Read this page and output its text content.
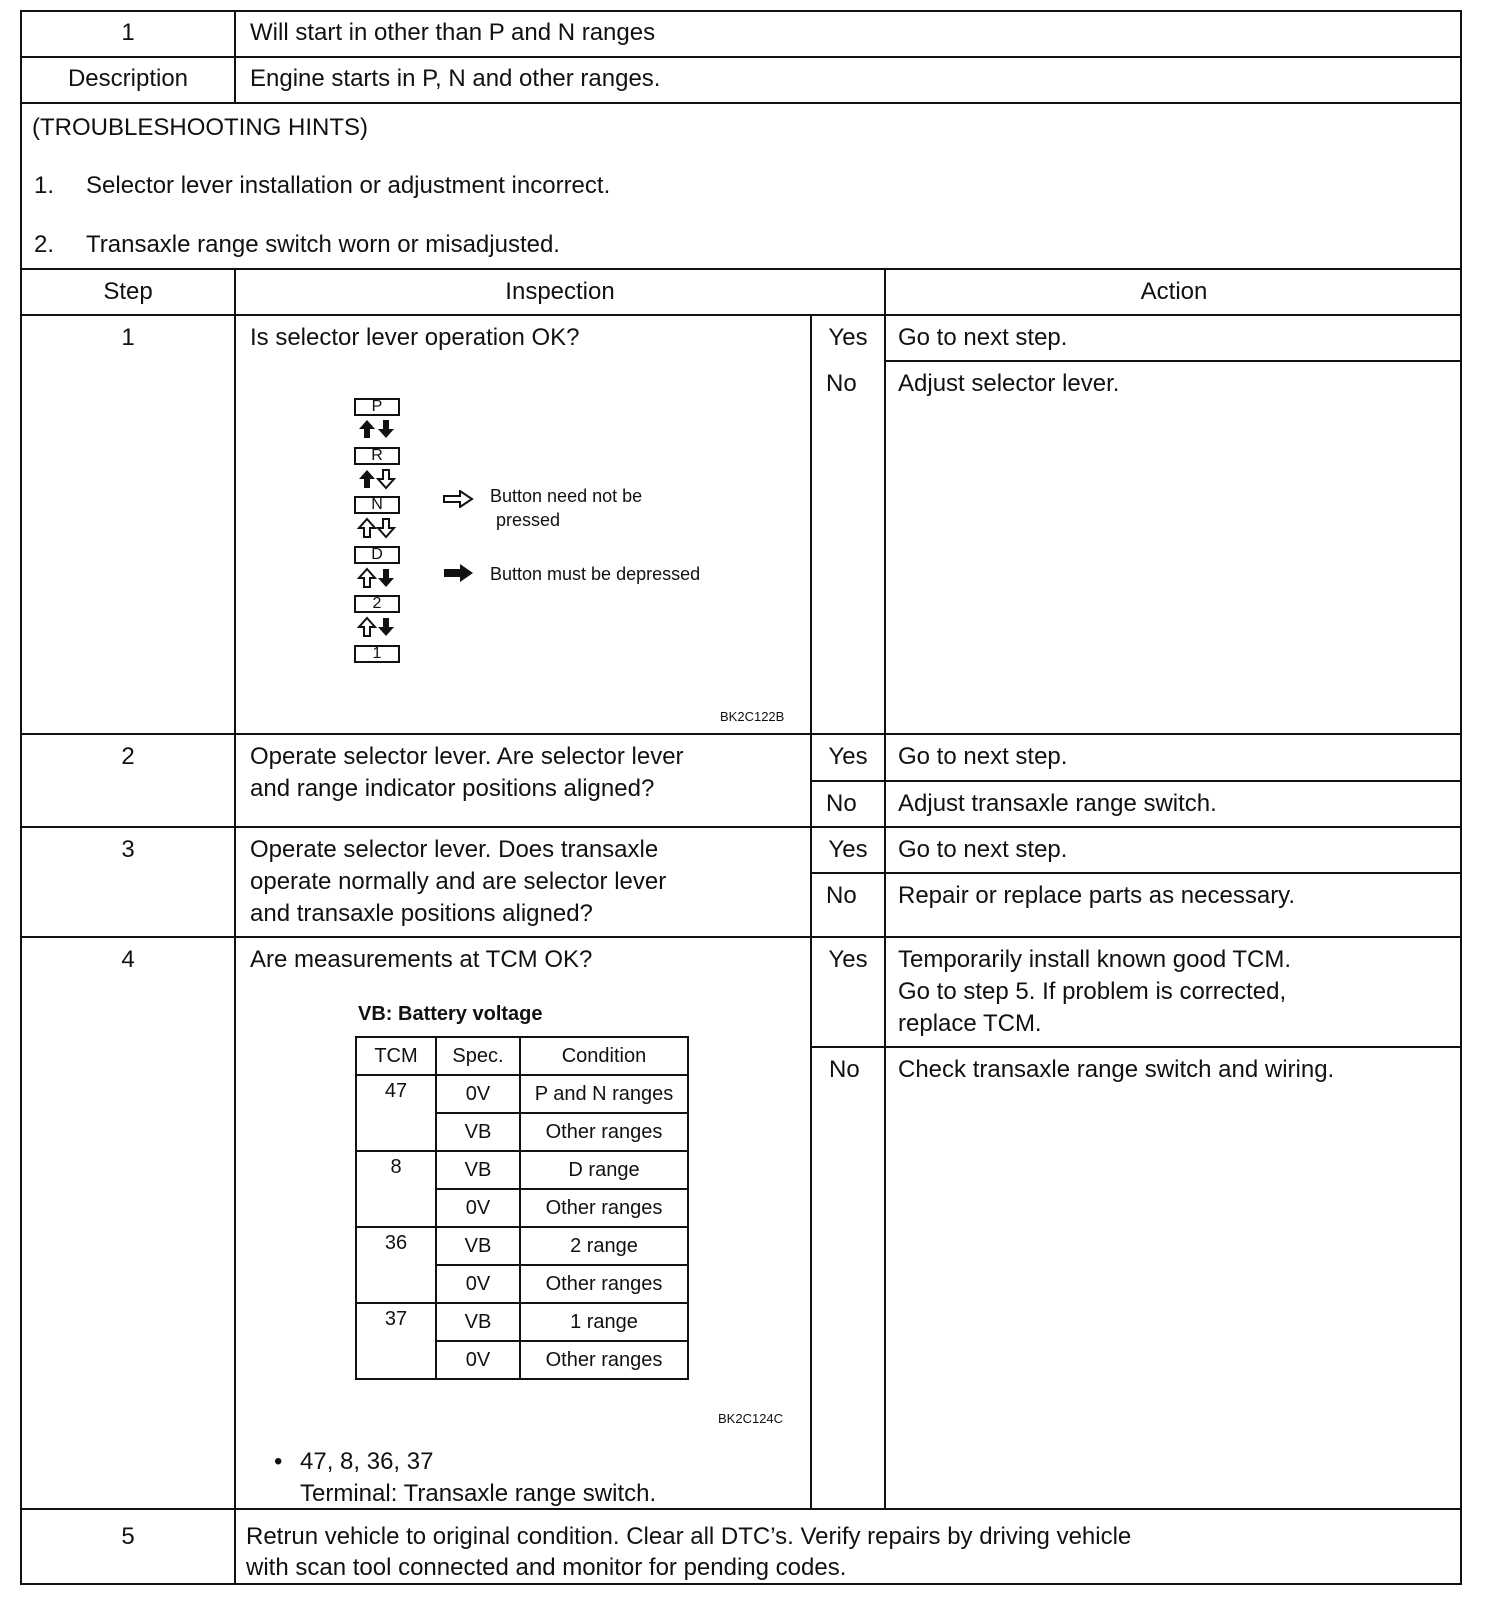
1	Will start in other than P and N ranges
Description	Engine starts in P, N and other ranges.
(TROUBLESHOOTING HINTS)
1. Selector lever installation or adjustment incorrect.
2. Transaxle range switch worn or misadjusted.
Step	Inspection	Action
1	Is selector lever operation OK?	Yes	Go to next step.
No Adjust selector lever.
P
R
N
D
2
1
Button need not be
pressed
Button must be depressed
BK2C122B
2	Operate selector lever. Are selector lever
and range indicator positions aligned?
Yes	Go to next step.
No Adjust transaxle range switch.
3	Operate selector lever. Does transaxle
operate normally and are selector lever
and transaxle positions aligned?
Yes	Go to next step.
No Repair or replace parts as necessary.
4	Are measurements at TCM OK?	Yes	Temporarily install known good TCM.
Go to step 5. If problem is corrected,
replace TCM.
No Check transaxle range switch and wiring.
VB: Battery voltage
TCM	Spec.	Condition
47	0V	P and N ranges
	VB	Other ranges
8	VB	D range
	0V	Other ranges
36	VB	2 range
	0V	Other ranges
37	VB	1 range
	0V	Other ranges
BK2C124C
• 47, 8, 36, 37
Terminal: Transaxle range switch.
5	Retrun vehicle to original condition. Clear all DTC’s. Verify repairs by driving vehicle
with scan tool connected and monitor for pending codes.
